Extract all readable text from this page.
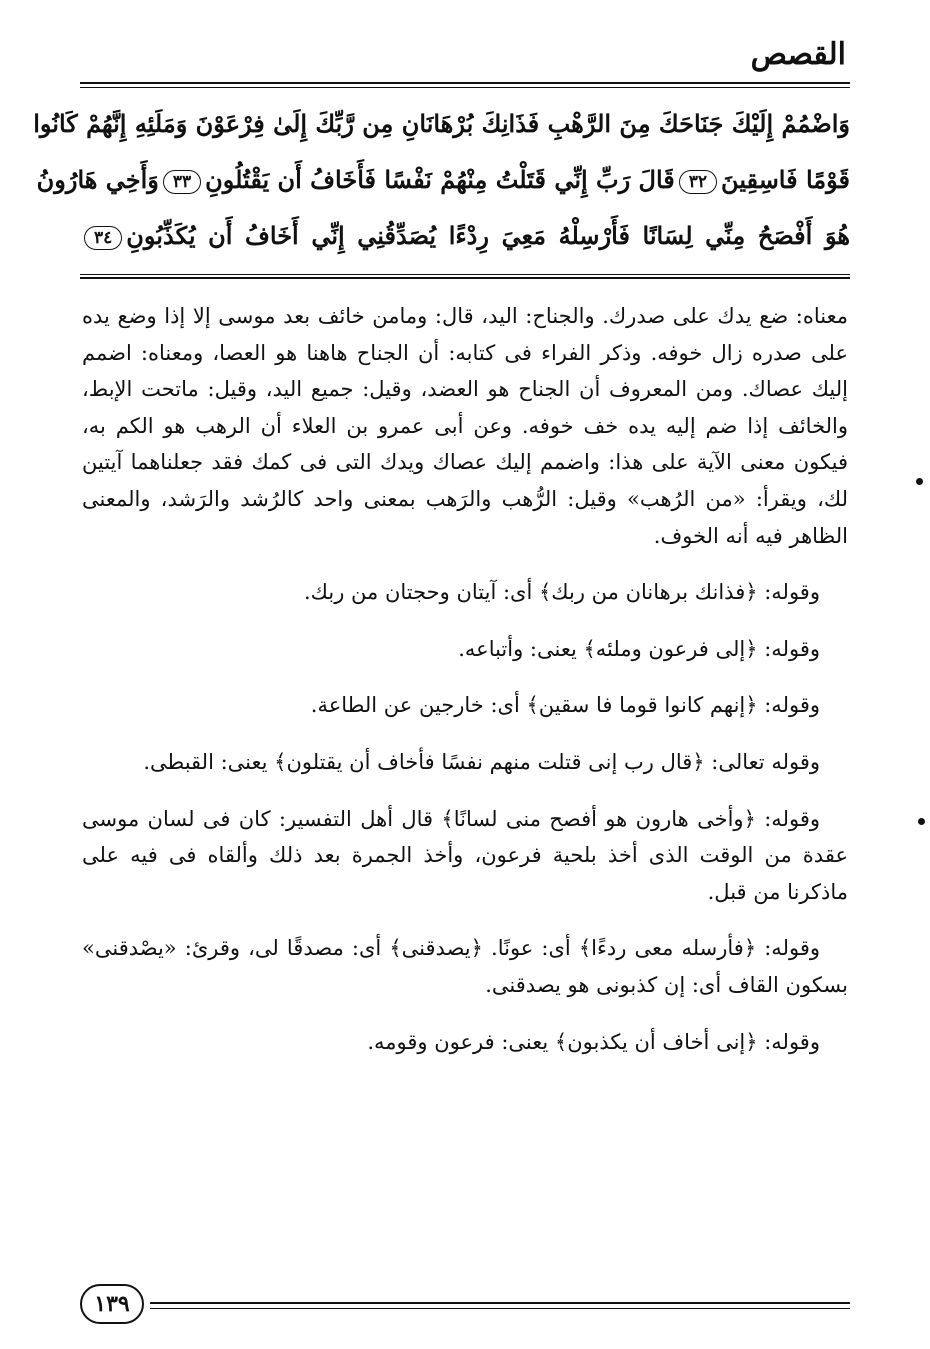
القصص
وَاضْمُمْ إِلَيْكَ جَنَاحَكَ مِنَ الرَّهْبِ فَذَانِكَ بُرْهَانَانِ مِن رَّبِّكَ إِلَىٰ فِرْعَوْنَ وَمَلَئِهِ إِنَّهُمْ كَانُوا
قَوْمًا فَاسِقِينَ٣٢قَالَ رَبِّ إِنِّي قَتَلْتُ مِنْهُمْ نَفْسًا فَأَخَافُ أَن يَقْتُلُونِ٣٣وَأَخِي هَارُونُ
هُوَ أَفْصَحُ مِنِّي لِسَانًا فَأَرْسِلْهُ مَعِيَ رِدْءًا يُصَدِّقُنِي إِنِّي أَخَافُ أَن يُكَذِّبُونِ٣٤

معناه: ضع يدك على صدرك. والجناح: اليد، قال: ومامن خائف بعد موسى إلا إذا وضع يده على صدره زال خوفه. وذكر الفراء فى كتابه: أن الجناح هاهنا هو العصا، ومعناه: اضمم إليك عصاك. ومن المعروف أن الجناح هو العضد، وقيل: جميع اليد، وقيل: ماتحت الإبط، والخائف إذا ضم إليه يده خف خوفه. وعن أبى عمرو بن العلاء أن الرهب هو الكم به، فيكون معنى الآية على هذا: واضمم إليك عصاك ويدك التى فى كمك فقد جعلناهما آيتين لك، ويقرأ: «من الرُهب» وقيل: الرُّهب والرَهب بمعنى واحد كالرُشد والرَشد، والمعنى الظاهر فيه أنه الخوف.

وقوله: ﴿فذانك برهانان من ربك﴾ أى: آيتان وحجتان من ربك.

وقوله: ﴿إلى فرعون وملئه﴾ يعنى: وأتباعه.

وقوله: ﴿إنهم كانوا قوما فا سقين﴾ أى: خارجين عن الطاعة.

وقوله تعالى: ﴿قال رب إنى قتلت منهم نفسًا فأخاف أن يقتلون﴾ يعنى: القبطى.

وقوله: ﴿وأخى هارون هو أفصح منى لسانًا﴾ قال أهل التفسير: كان فى لسان موسى عقدة من الوقت الذى أخذ بلحية فرعون، وأخذ الجمرة بعد ذلك وألقاه فى فيه على ماذكرنا من قبل.

وقوله: ﴿فأرسله معى ردءًا﴾ أى: عونًا. ﴿يصدقنى﴾ أى: مصدقًا لى، وقرئ: «يصْدقنى» بسكون القاف أى: إن كذبونى هو يصدقنى.

وقوله: ﴿إنى أخاف أن يكذبون﴾ يعنى: فرعون وقومه.

١٣٩
